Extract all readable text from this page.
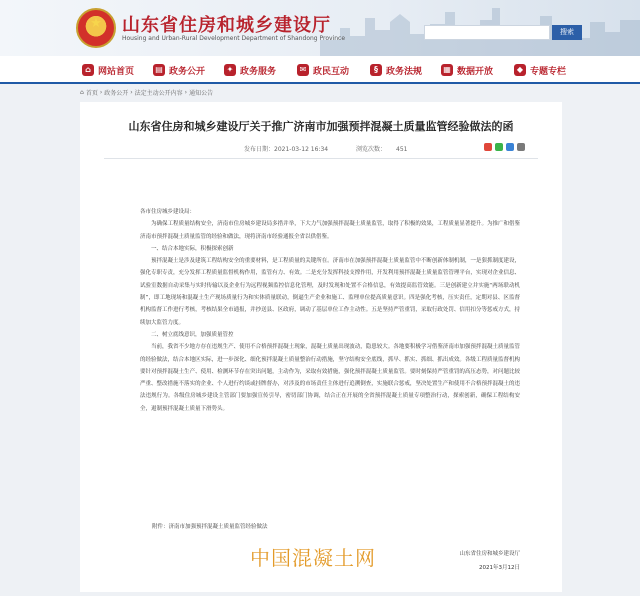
★	山东省住房和城乡建设厅
Housing and Urban-Rural Development Department of Shandong Province
搜索
⌂ 网站首页	▤ 政务公开	✦ 政务服务	✉ 政民互动	§ 政务法规	▦ 数据开放	◆ 专题专栏
⌂ 首页 › 政务公开 › 法定主动公开内容 › 通知公告
山东省住房和城乡建设厅关于推广济南市加强预拌混凝土质量监管经验做法的函
发布日期：2021-03-12 16:34	浏览次数： 451

各市住房城乡建设局：

为确保工程质量结构安全，济南市住房城乡建设局多措并举，下大力气加强预拌混凝土质量监管，取得了积极的效果，工程质量显著提升。为推广和借鉴济南市预拌混凝土质量监管的经验和做法，现将济南市经验通报全省以供借鉴。

一、结合本地实际，积极探索创新

预拌混凝土是涉及建筑工程结构安全的重要材料，是工程质量的关键所在。济南市在加强预拌混凝土质量监管中不断创新体制机制，一是狠抓制度建设，强化专职专责，充分发挥工程质量监督机构作用，监管有力、有效。二是充分发挥科技支撑作用，开发利用预拌混凝土质量监管管理平台，实现对企业信息、试验室数据自动采集与实时传输以及企业行为远程视频监控信息化管理，及时发现和处置不合格信息，有效提高监管效能。三是创新建立并实施“两场联动机制”，即工地现场和混凝土生产现场质量行为和实体质量联动，倒逼生产企业和施工、监理单位提高质量意识。四是强化考核，压实责任，定期对县、区监督机构监督工作进行考核，考核结果全市通报，并抄送县、区政府，调动了基层单位工作主动性。五是坚持严管重罚，采取行政处罚、信用扣分等惩戒方式，持续加大监管力度。

二、树立底线意识，加强质量管控

当前，我省不少地方存在违规生产、使用不合格预拌混凝土现象，混凝土质量出现波动，隐患较大。各地要积极学习借鉴济南市加强预拌混凝土质量监管的经验做法，结合本地区实际，进一步深化、细化预拌混凝土质量整治行动措施，坚守结构安全底线，抓早、抓实、抓细、抓出成效。各级工程质量监督机构要针对预拌混凝土生产、使用、检测环节存在突出问题，主动作为，采取有效措施，强化预拌混凝土质量监管。要时刻保持严管重罚的高压态势，对问题比较严重、整改措施不落实的企业、个人进行约谈或挂牌督办，对涉及的市场责任主体进行追溯倒查，实施联合惩戒，坚决处置生产和使用不合格预拌混凝土的违法违规行为。各级住房城乡建设主管部门要加强宣传引导，密切部门协调，结合正在开展的全省预拌混凝土质量专项整治行动，探索创新，确保工程结构安全，遏制预拌混凝土质量下滑势头。

附件：济南市加强预拌混凝土质量监管经验做法
中国混凝土网	山东省住房和城乡建设厅
2021年3月12日
